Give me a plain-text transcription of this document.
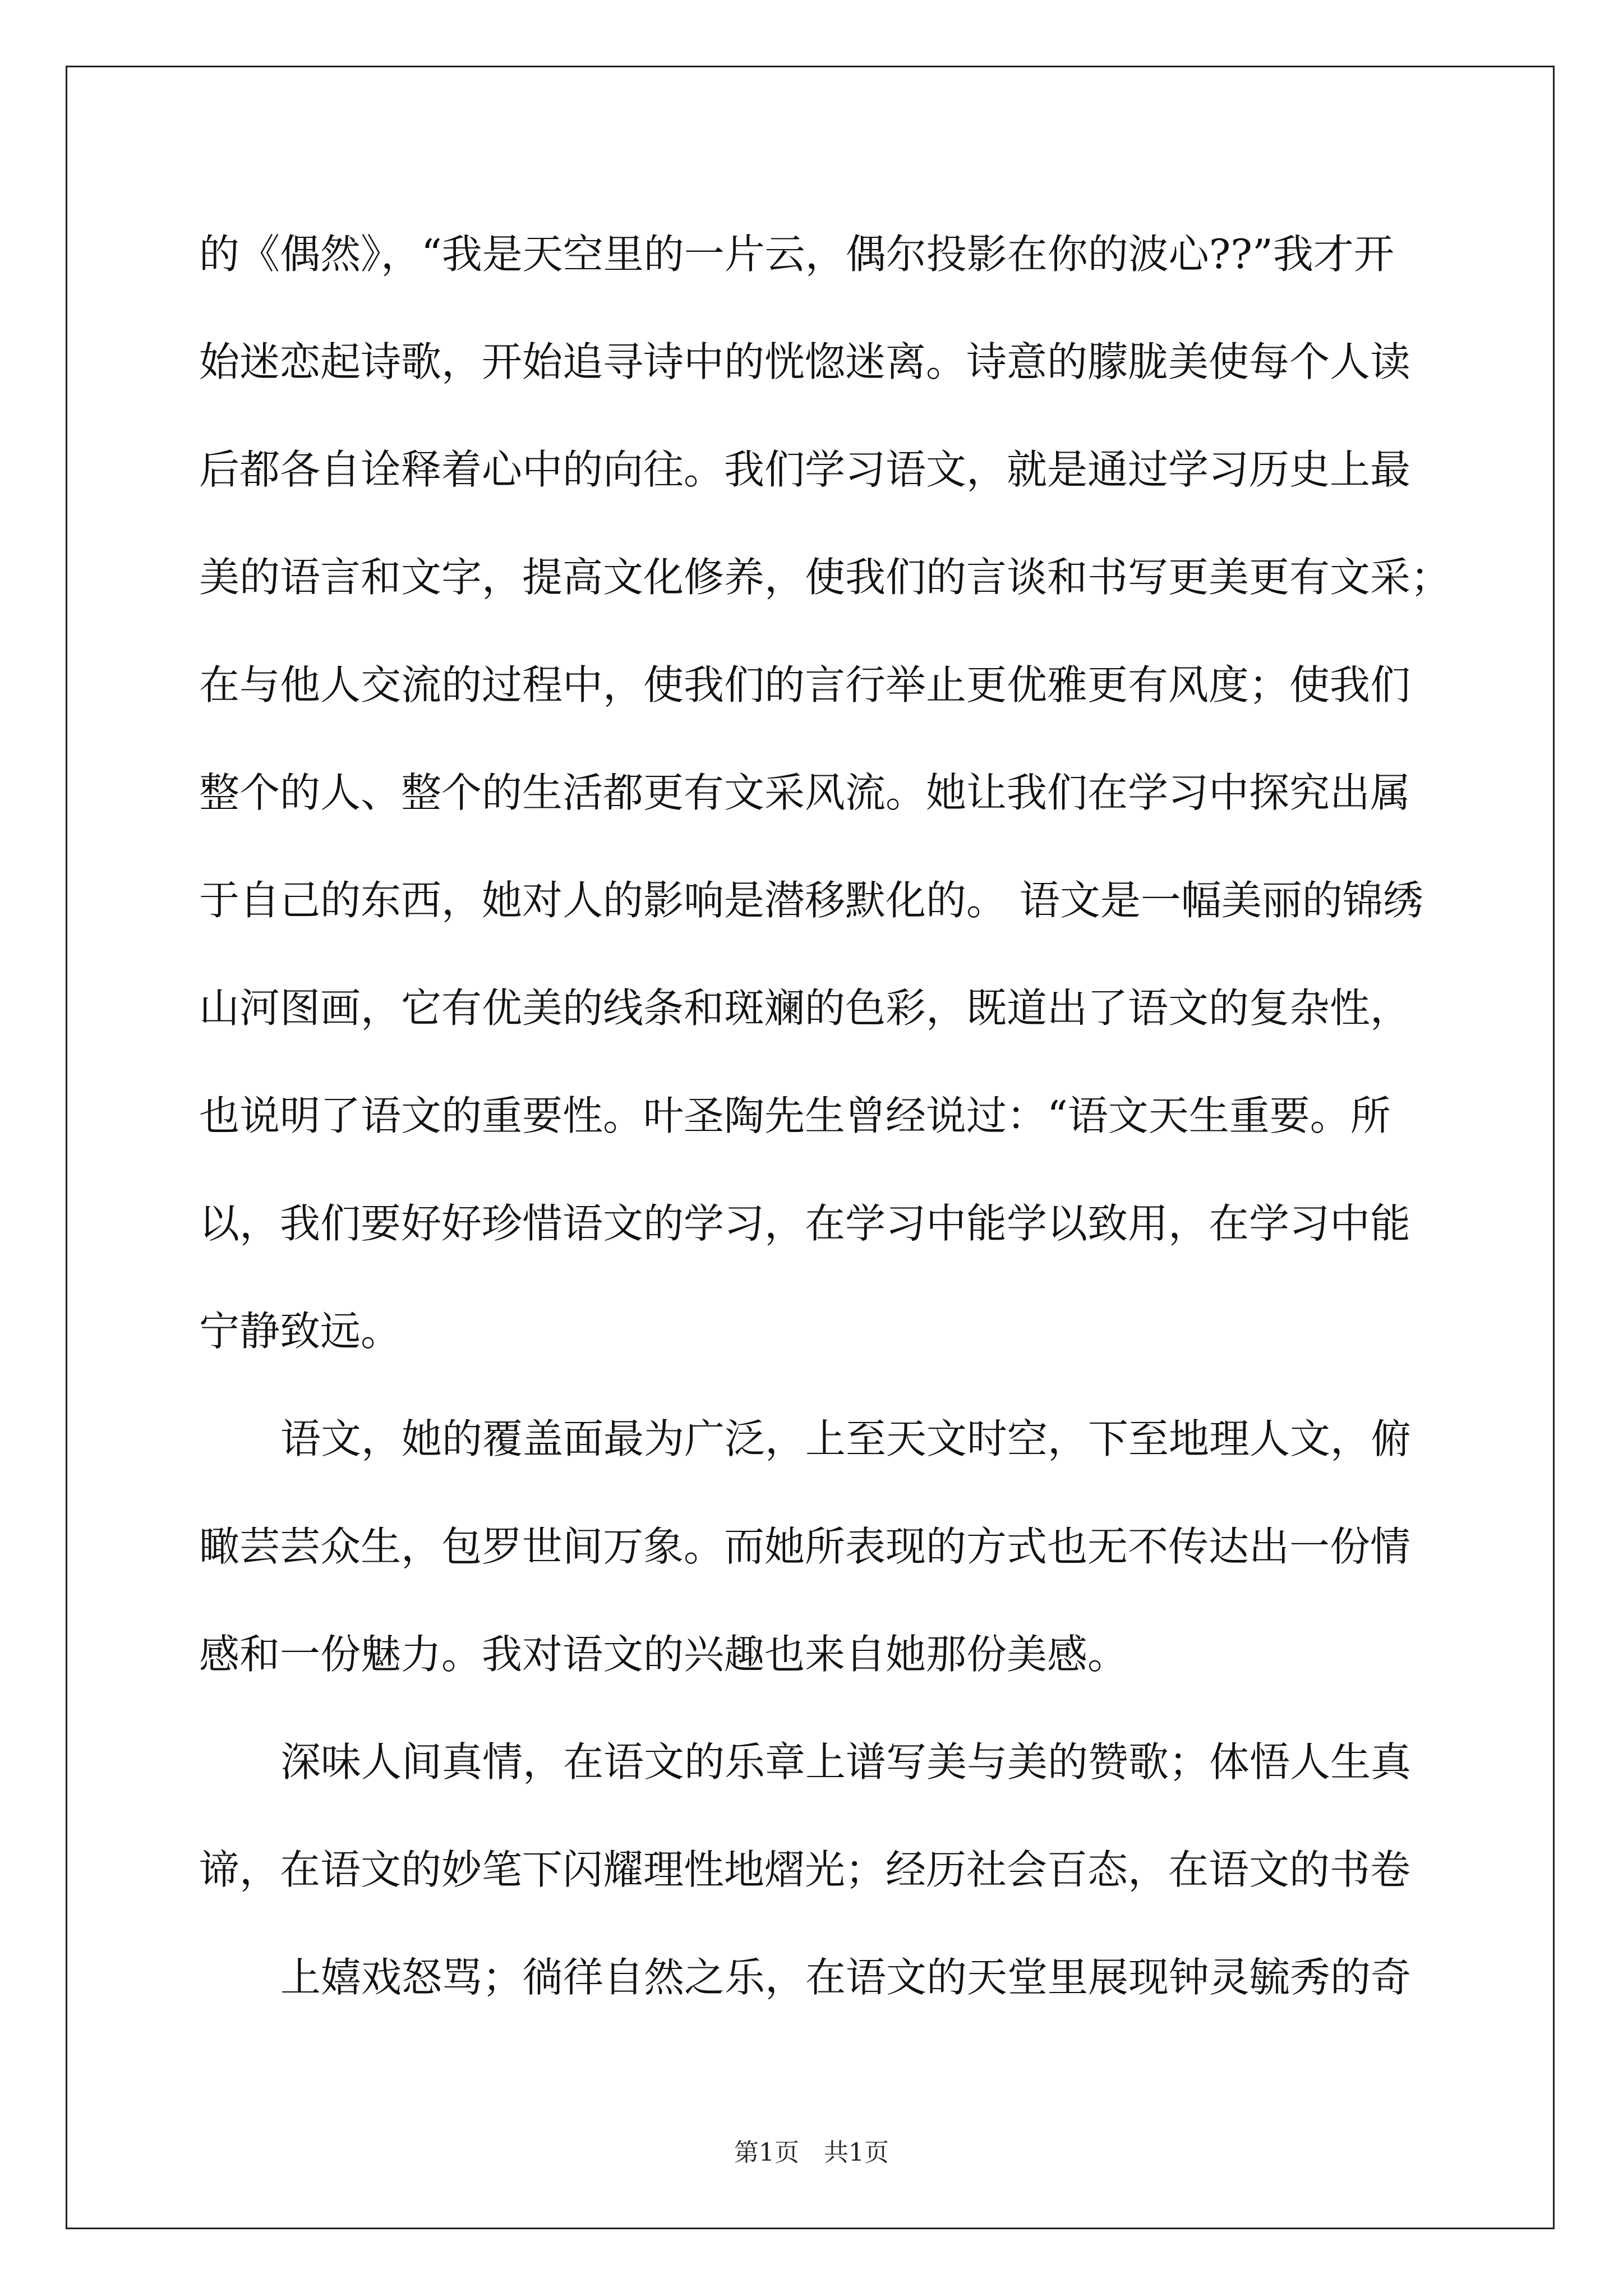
的《偶然》，“我是天空里的一片云，偶尔投影在你的波心??”我才开
始迷恋起诗歌，开始追寻诗中的恍惚迷离。诗意的朦胧美使每个人读
后都各自诠释着心中的向往。我们学习语文，就是通过学习历史上最
美的语言和文字，提高文化修养，使我们的言谈和书写更美更有文采；
在与他人交流的过程中，使我们的言行举止更优雅更有风度；使我们
整个的人、整个的生活都更有文采风流。她让我们在学习中探究出属
于自己的东西，她对人的影响是潜移默化的。 语文是一幅美丽的锦绣
山河图画，它有优美的线条和斑斓的色彩，既道出了语文的复杂性，
也说明了语文的重要性。叶圣陶先生曾经说过：“语文天生重要。所
以，我们要好好珍惜语文的学习，在学习中能学以致用，在学习中能
宁静致远。
语文，她的覆盖面最为广泛，上至天文时空，下至地理人文，俯
瞰芸芸众生，包罗世间万象。而她所表现的方式也无不传达出一份情
感和一份魅力。我对语文的兴趣也来自她那份美感。
深味人间真情，在语文的乐章上谱写美与美的赞歌；体悟人生真
谛，在语文的妙笔下闪耀理性地熠光；经历社会百态，在语文的书卷
上嬉戏怒骂；徜徉自然之乐，在语文的天堂里展现钟灵毓秀的奇
第1页　共1页
